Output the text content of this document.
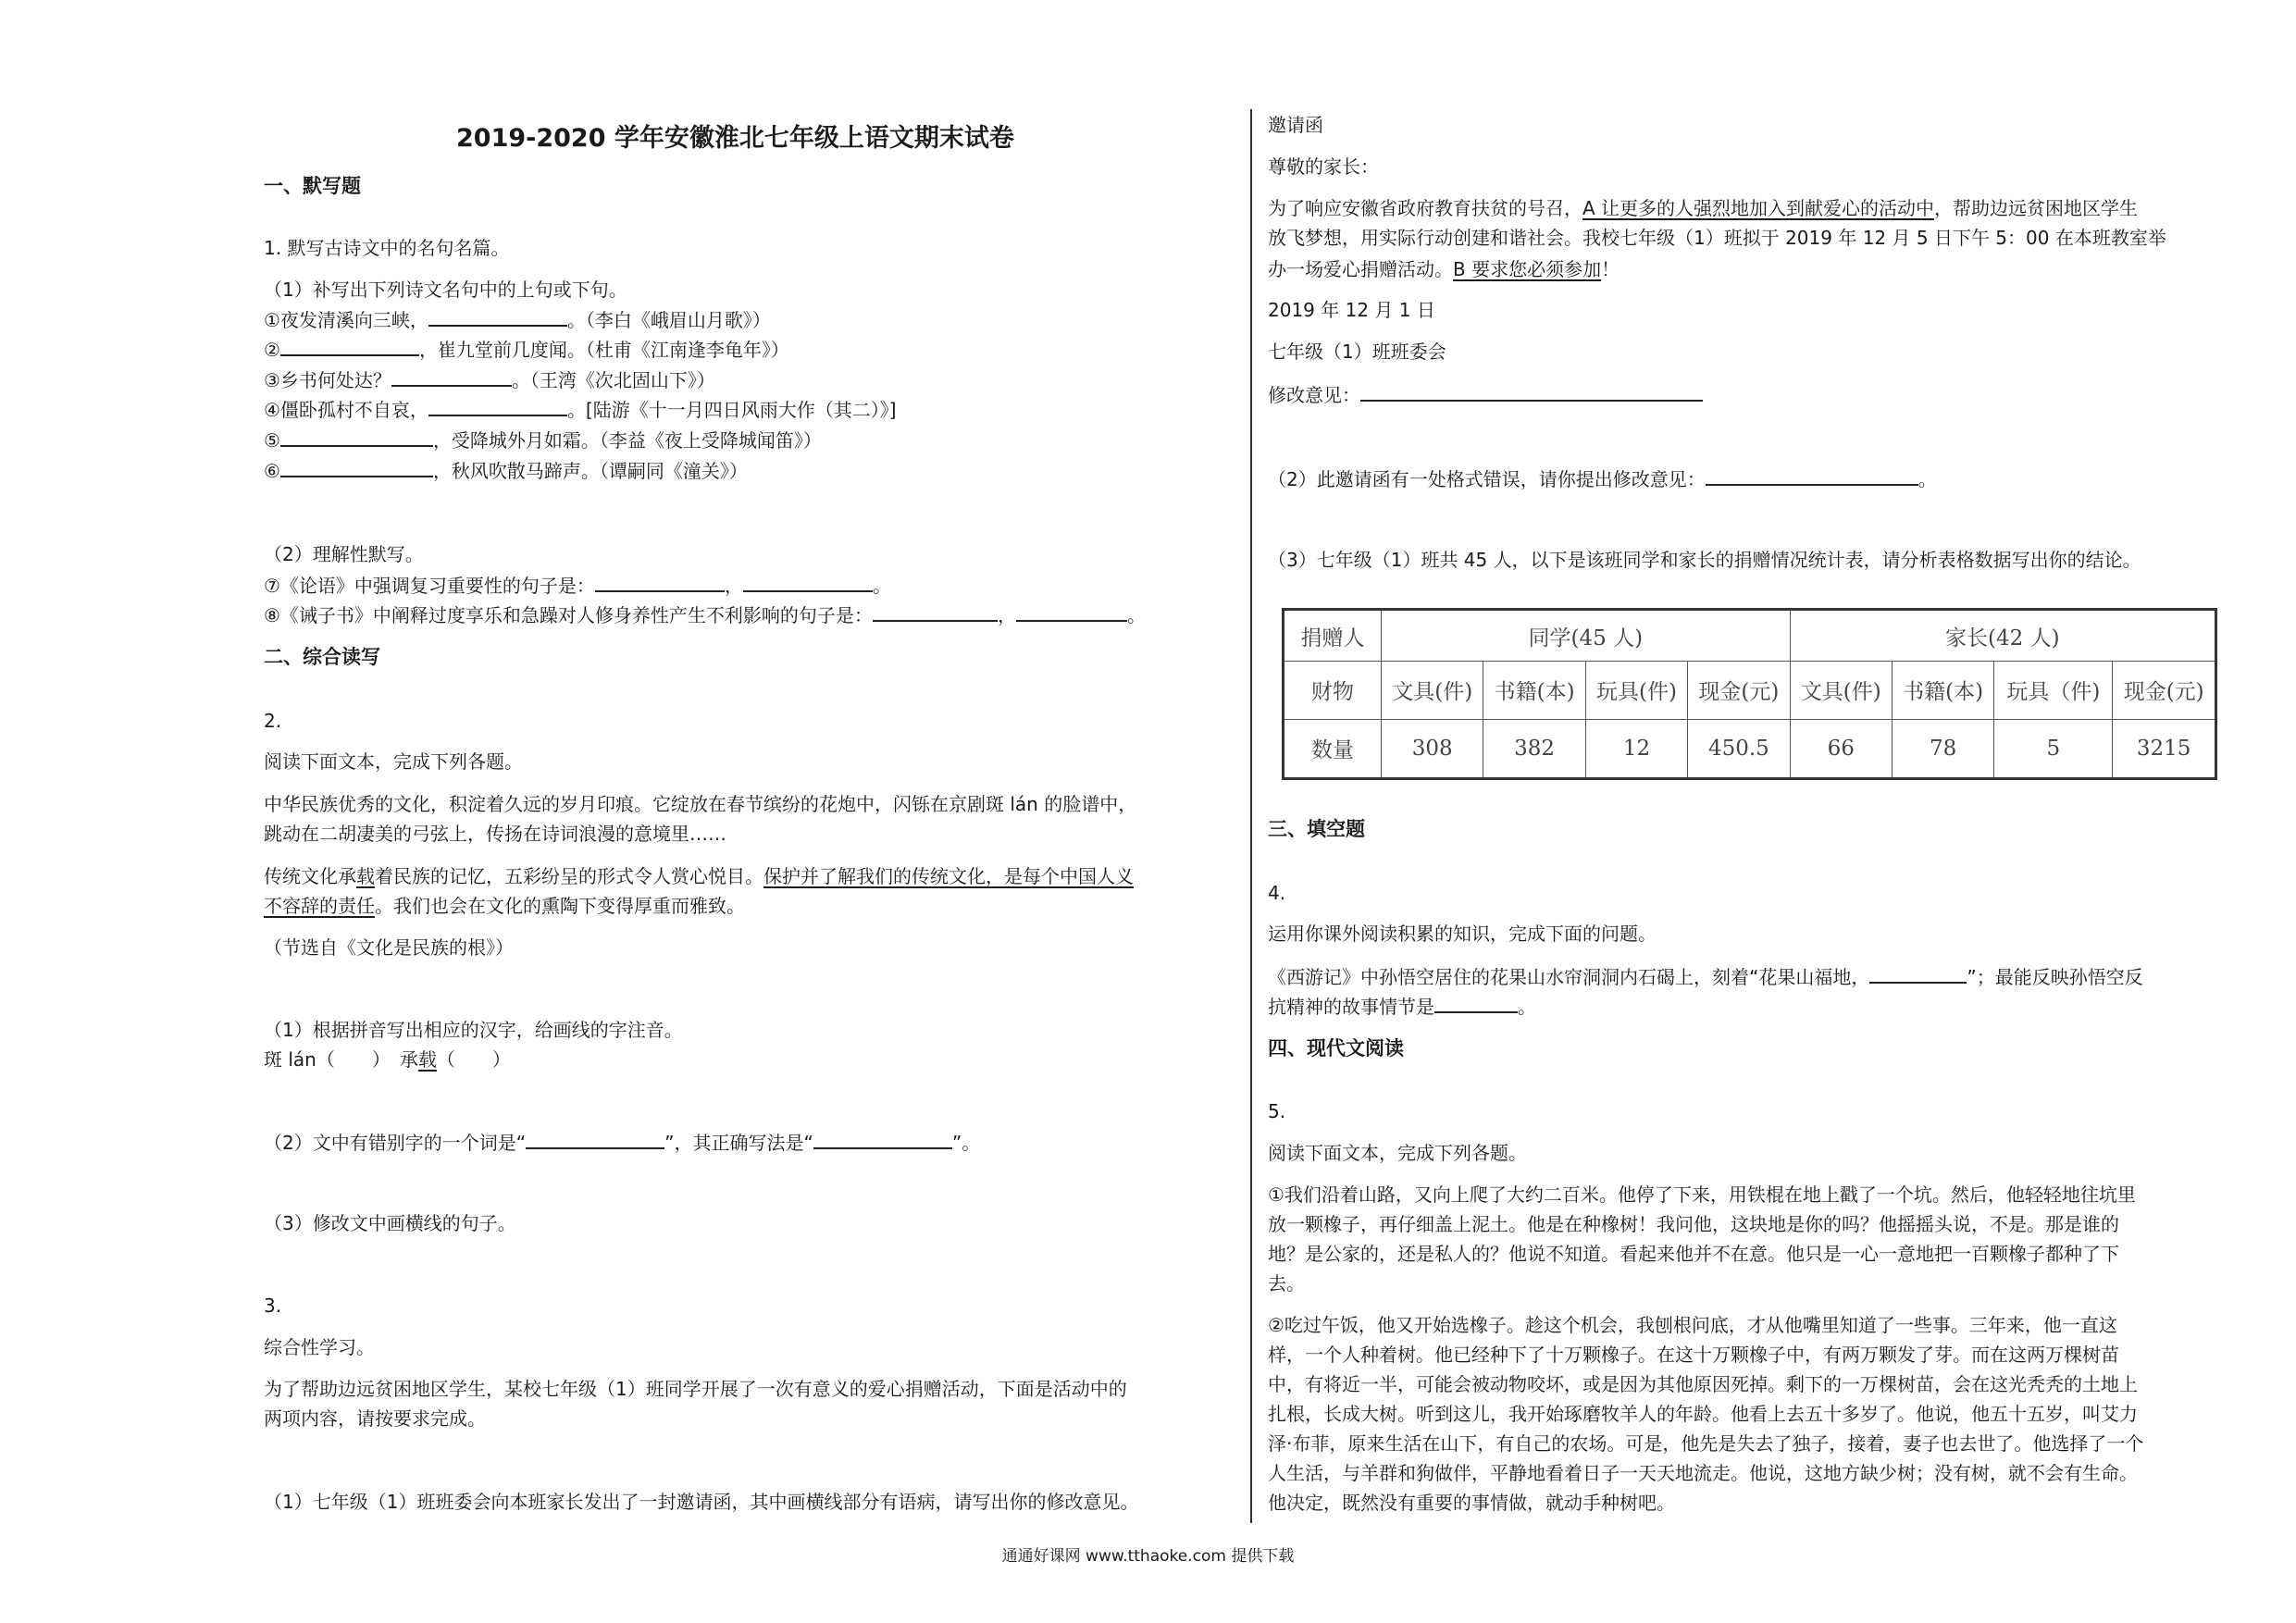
2019-2020 学年安徽淮北七年级上语文期末试卷
一、默写题
1. 默写古诗文中的名句名篇。
（1）补写出下列诗文名句中的上句或下句。
①夜发清溪向三峡，	。（李白《峨眉山月歌》）
②	，崔九堂前几度闻。（杜甫《江南逢李龟年》）
③乡书何处达？	。（王湾《次北固山下》）
④僵卧孤村不自哀，	。[陆游《十一月四日风雨大作（其二）》]
⑤	，受降城外月如霜。（李益《夜上受降城闻笛》）
⑥	，秋风吹散马蹄声。（谭嗣同《潼关》）
（2）理解性默写。
⑦《论语》中强调复习重要性的句子是：	，	。
⑧《诫子书》中阐释过度享乐和急躁对人修身养性产生不利影响的句子是：	，	。
二、综合读写
2.
阅读下面文本，完成下列各题。
中华民族优秀的文化，积淀着久远的岁月印痕。它绽放在春节缤纷的花炮中，闪铄在京剧斑 lán 的脸谱中，
跳动在二胡凄美的弓弦上，传扬在诗词浪漫的意境里……
传统文化承载着民族的记忆，五彩纷呈的形式令人赏心悦目。保护并了解我们的传统文化，是每个中国人义
不容辞的责任。我们也会在文化的熏陶下变得厚重而雅致。
（节选自《文化是民族的根》）
（1）根据拼音写出相应的汉字，给画线的字注音。
斑 lán（　　）　承载（　　）
（2）文中有错别字的一个词是“	”，其正确写法是“	”。
（3）修改文中画横线的句子。
3.
综合性学习。
为了帮助边远贫困地区学生，某校七年级（1）班同学开展了一次有意义的爱心捐赠活动，下面是活动中的
两项内容，请按要求完成。
（1）七年级（1）班班委会向本班家长发出了一封邀请函，其中画横线部分有语病，请写出你的修改意见。
邀请函
尊敬的家长：
为了响应安徽省政府教育扶贫的号召，A 让更多的人强烈地加入到献爱心的活动中，帮助边远贫困地区学生
放飞梦想，用实际行动创建和谐社会。我校七年级（1）班拟于 2019 年 12 月 5 日下午 5：00 在本班教室举
办一场爱心捐赠活动。B 要求您必须参加！
2019 年 12 月 1 日
七年级（1）班班委会
修改意见：
（2）此邀请函有一处格式错误，请你提出修改意见：	。
（3）七年级（1）班共 45 人，以下是该班同学和家长的捐赠情况统计表，请分析表格数据写出你的结论。
捐赠人	同学(45 人)				家长(42 人)			
财物	文具(件)	书籍(本)	玩具(件)	现金(元)	文具(件)	书籍(本)	玩具（件)	现金(元)
数量	308	382	12	450.5	66	78	5	3215
三、填空题
4.
运用你课外阅读积累的知识，完成下面的问题。
《西游记》中孙悟空居住的花果山水帘洞洞内石碣上，刻着“花果山福地，	”；最能反映孙悟空反
抗精神的故事情节是	。
四、现代文阅读
5.
阅读下面文本，完成下列各题。
①我们沿着山路，又向上爬了大约二百米。他停了下来，用铁棍在地上戳了一个坑。然后，他轻轻地往坑里
放一颗橡子，再仔细盖上泥土。他是在种橡树！我问他，这块地是你的吗？他摇摇头说，不是。那是谁的
地？是公家的，还是私人的？他说不知道。看起来他并不在意。他只是一心一意地把一百颗橡子都种了下
去。
②吃过午饭，他又开始选橡子。趁这个机会，我刨根问底，才从他嘴里知道了一些事。三年来，他一直这
样，一个人种着树。他已经种下了十万颗橡子。在这十万颗橡子中，有两万颗发了芽。而在这两万棵树苗
中，有将近一半，可能会被动物咬坏，或是因为其他原因死掉。剩下的一万棵树苗，会在这光秃秃的土地上
扎根，长成大树。听到这儿，我开始琢磨牧羊人的年龄。他看上去五十多岁了。他说，他五十五岁，叫艾力
泽·布菲，原来生活在山下，有自己的农场。可是，他先是失去了独子，接着，妻子也去世了。他选择了一个
人生活，与羊群和狗做伴，平静地看着日子一天天地流走。他说，这地方缺少树；没有树，就不会有生命。
他决定，既然没有重要的事情做，就动手种树吧。
通通好课网 www.tthaoke.com 提供下载
